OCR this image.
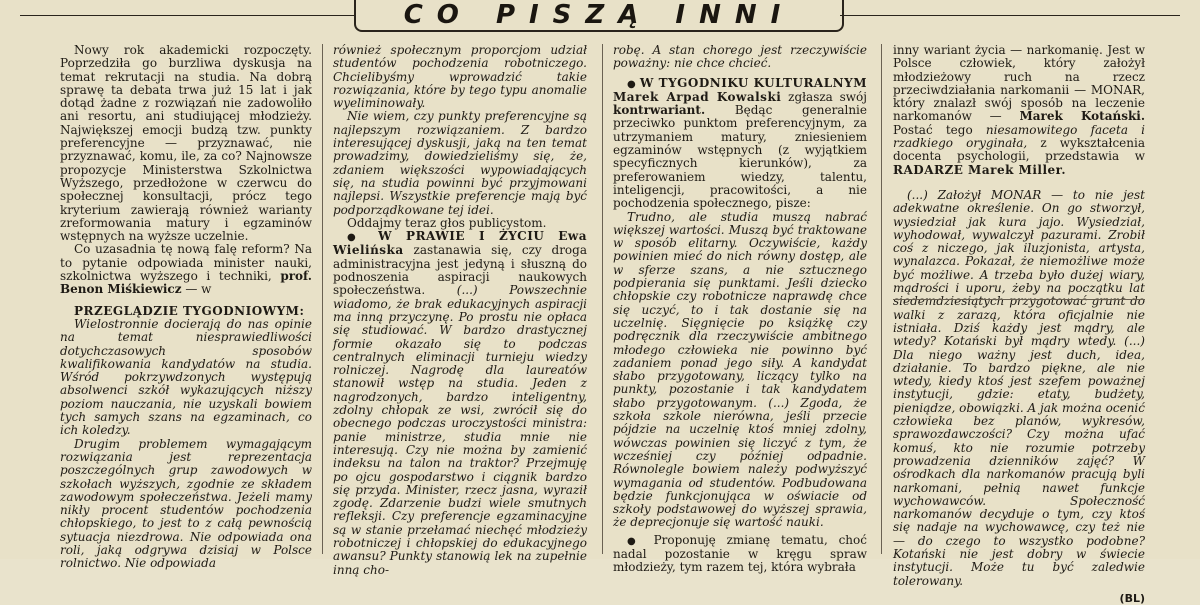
CO PISZĄ INNI

Nowy rok akademicki rozpoczęty. Poprzedziła go burzliwa dyskusja na temat rekrutacji na studia. Na dobrą sprawę ta debata trwa już 15 lat i jak dotąd żadne z rozwiązań nie zadowoliło ani resortu, ani studiującej młodzieży. Największej emocji budzą tzw. punkty preferencyjne — przyznawać, nie przyznawać, komu, ile, za co? Najnowsze propozycje Ministerstwa Szkolnictwa Wyższego, przedłożone w czerwcu do społecznej konsultacji, prócz tego kryterium zawierają również warianty zreformowania matury i egzaminów wstępnych na wyższe uczelnie.

Co uzasadnia tę nową falę reform? Na to pytanie odpowiada minister nauki, szkolnictwa wyższego i techniki, prof. Benon Miśkiewicz — w

PRZEGLĄDZIE TYGODNIOWYM:

Wielostronnie docierają do nas opinie na temat niesprawiedliwości dotychczasowych sposobów kwalifikowania kandydatów na studia. Wśród pokrzywdzonych występują absolwenci szkół wykazujących niższy poziom nauczania, nie uzyskali bowiem tych samych szans na egzaminach, co ich koledzy.

Drugim problemem wymagającym rozwiązania jest reprezentacja poszczególnych grup zawodowych w szkołach wyższych, zgodnie ze składem zawodowym społeczeństwa. Jeżeli mamy nikły procent studentów pochodzenia chłopskiego, to jest to z całą pewnością sytuacja niezdrowa. Nie odpowiada ona roli, jaką odgrywa dzisiaj w Polsce rolnictwo. Nie odpowiada

również społecznym proporcjom udział studentów pochodzenia robotniczego. Chcielibyśmy wprowadzić takie rozwiązania, które by tego typu anomalie wyeliminowały.

Nie wiem, czy punkty preferencyjne są najlepszym rozwiązaniem. Z bardzo interesującej dyskusji, jaką na ten temat prowadzimy, dowiedzieliśmy się, że, zdaniem większości wypowiadających się, na studia powinni być przyjmowani najlepsi. Wszystkie preferencje mają być podporządkowane tej idei.

Oddajmy teraz głos publicystom.

● W PRAWIE I ŻYCIU Ewa Wielińska zastanawia się, czy droga administracyjna jest jedyną i słuszną do podnoszenia aspiracji naukowych społeczeństwa.	(...) Powszechnie wiadomo, że brak edukacyjnych aspiracji ma inną przyczynę. Po prostu nie opłaca się studiować. W bardzo drastycznej formie okazało się to podczas centralnych eliminacji turnieju wiedzy rolniczej. Nagrodę dla laureatów stanowił wstęp na studia. Jeden z nagrodzonych, bardzo inteligentny, zdolny chłopak ze wsi, zwrócił się do obecnego podczas uroczystości ministra: panie ministrze, studia mnie nie interesują. Czy nie można by zamienić indeksu na talon na traktor? Przejmuję po ojcu gospodarstwo i ciągnik bardzo się przyda. Minister, rzecz jasna, wyraził zgodę. Zdarzenie budzi wiele smutnych refleksji. Czy preferencje egzaminacyjne są w stanie przełamać niechęć młodzieży robotniczej i chłopskiej do edukacyjnego awansu? Punkty stanowią lek na zupełnie inną cho-

robę. A stan chorego jest rzeczywiście poważny: nie chce chcieć.

● W TYGODNIKU KULTURALNYM Marek Arpad Kowalski zgłasza swój kontrwariant. Będąc generalnie przeciwko punktom preferencyjnym, za utrzymaniem matury, zniesieniem egzaminów wstępnych (z wyjątkiem specyficznych kierunków), za preferowaniem wiedzy, talentu, inteligencji, pracowitości, a nie pochodzenia społecznego, pisze:

Trudno, ale studia muszą nabrać większej wartości. Muszą być traktowane w sposób elitarny. Oczywiście, każdy powinien mieć do nich równy dostęp, ale w sferze szans, a nie sztucznego podpierania się punktami. Jeśli dziecko chłopskie czy robotnicze naprawdę chce się uczyć, to i tak dostanie się na uczelnię. Sięgnięcie po książkę czy podręcznik dla rzeczywiście ambitnego młodego człowieka nie powinno być zadaniem ponad jego siły. A kandydat słabo przygotowany, liczący tylko na punkty, pozostanie i tak kandydatem słabo przygotowanym. (...) Zgoda, że szkoła szkole nierówna, jeśli przecie pójdzie na uczelnię ktoś mniej zdolny, wówczas powinien się liczyć z tym, że wcześniej czy później odpadnie. Równolegle bowiem należy podwyższyć wymagania od studentów. Podbudowana będzie funkcjonująca w oświacie od szkoły podstawowej do wyższej sprawia, że deprecjonuje się wartość nauki.

● Proponuję zmianę tematu, choć nadal pozostanie w kręgu spraw młodzieży, tym razem tej, która wybrała

inny wariant życia — narkomanię. Jest w Polsce człowiek, który założył młodzieżowy ruch na rzecz przeciwdziałania narkomanii — MONAR, który znalazł swój sposób na leczenie narkomanów — Marek Kotański. Postać tego niesamowitego faceta i rzadkiego oryginała, z wykształcenia docenta psychologii, przedstawia w RADARZE Marek Miller.

(...) Założył MONAR — to nie jest adekwatne określenie. On go stworzył, wysiedział jak kura jajo. Wysiedział, wyhodował, wywalczył pazurami. Zrobił coś z niczego, jak iluzjonista, artysta, wynalazca. Pokazał, że niemożliwe może być możliwe. A trzeba było dużej wiary, mądrości i uporu, żeby na początku lat siedemdziesiątych przygotować grunt do walki z zarazą, która oficjalnie nie istniała. Dziś każdy jest mądry, ale wtedy? Kotański był mądry wtedy. (...) Dla niego ważny jest duch, idea, działanie. To bardzo piękne, ale nie wtedy, kiedy ktoś jest szefem poważnej instytucji, gdzie: etaty, budżety, pieniądze, obowiązki. A jak można ocenić człowieka bez planów, wykresów, sprawozdawczości? Czy można ufać komuś, kto nie rozumie potrzeby prowadzenia dzienników zajęć? W ośrodkach dla narkomanów pracują byli narkomani, pełnią nawet funkcje wychowawców. Społeczność narkomanów decyduje o tym, czy ktoś się nadaje na wychowawcę, czy też nie — do czego to wszystko podobne? Kotański nie jest dobry w świecie instytucji. Może tu być zaledwie tolerowany.

(BL)
